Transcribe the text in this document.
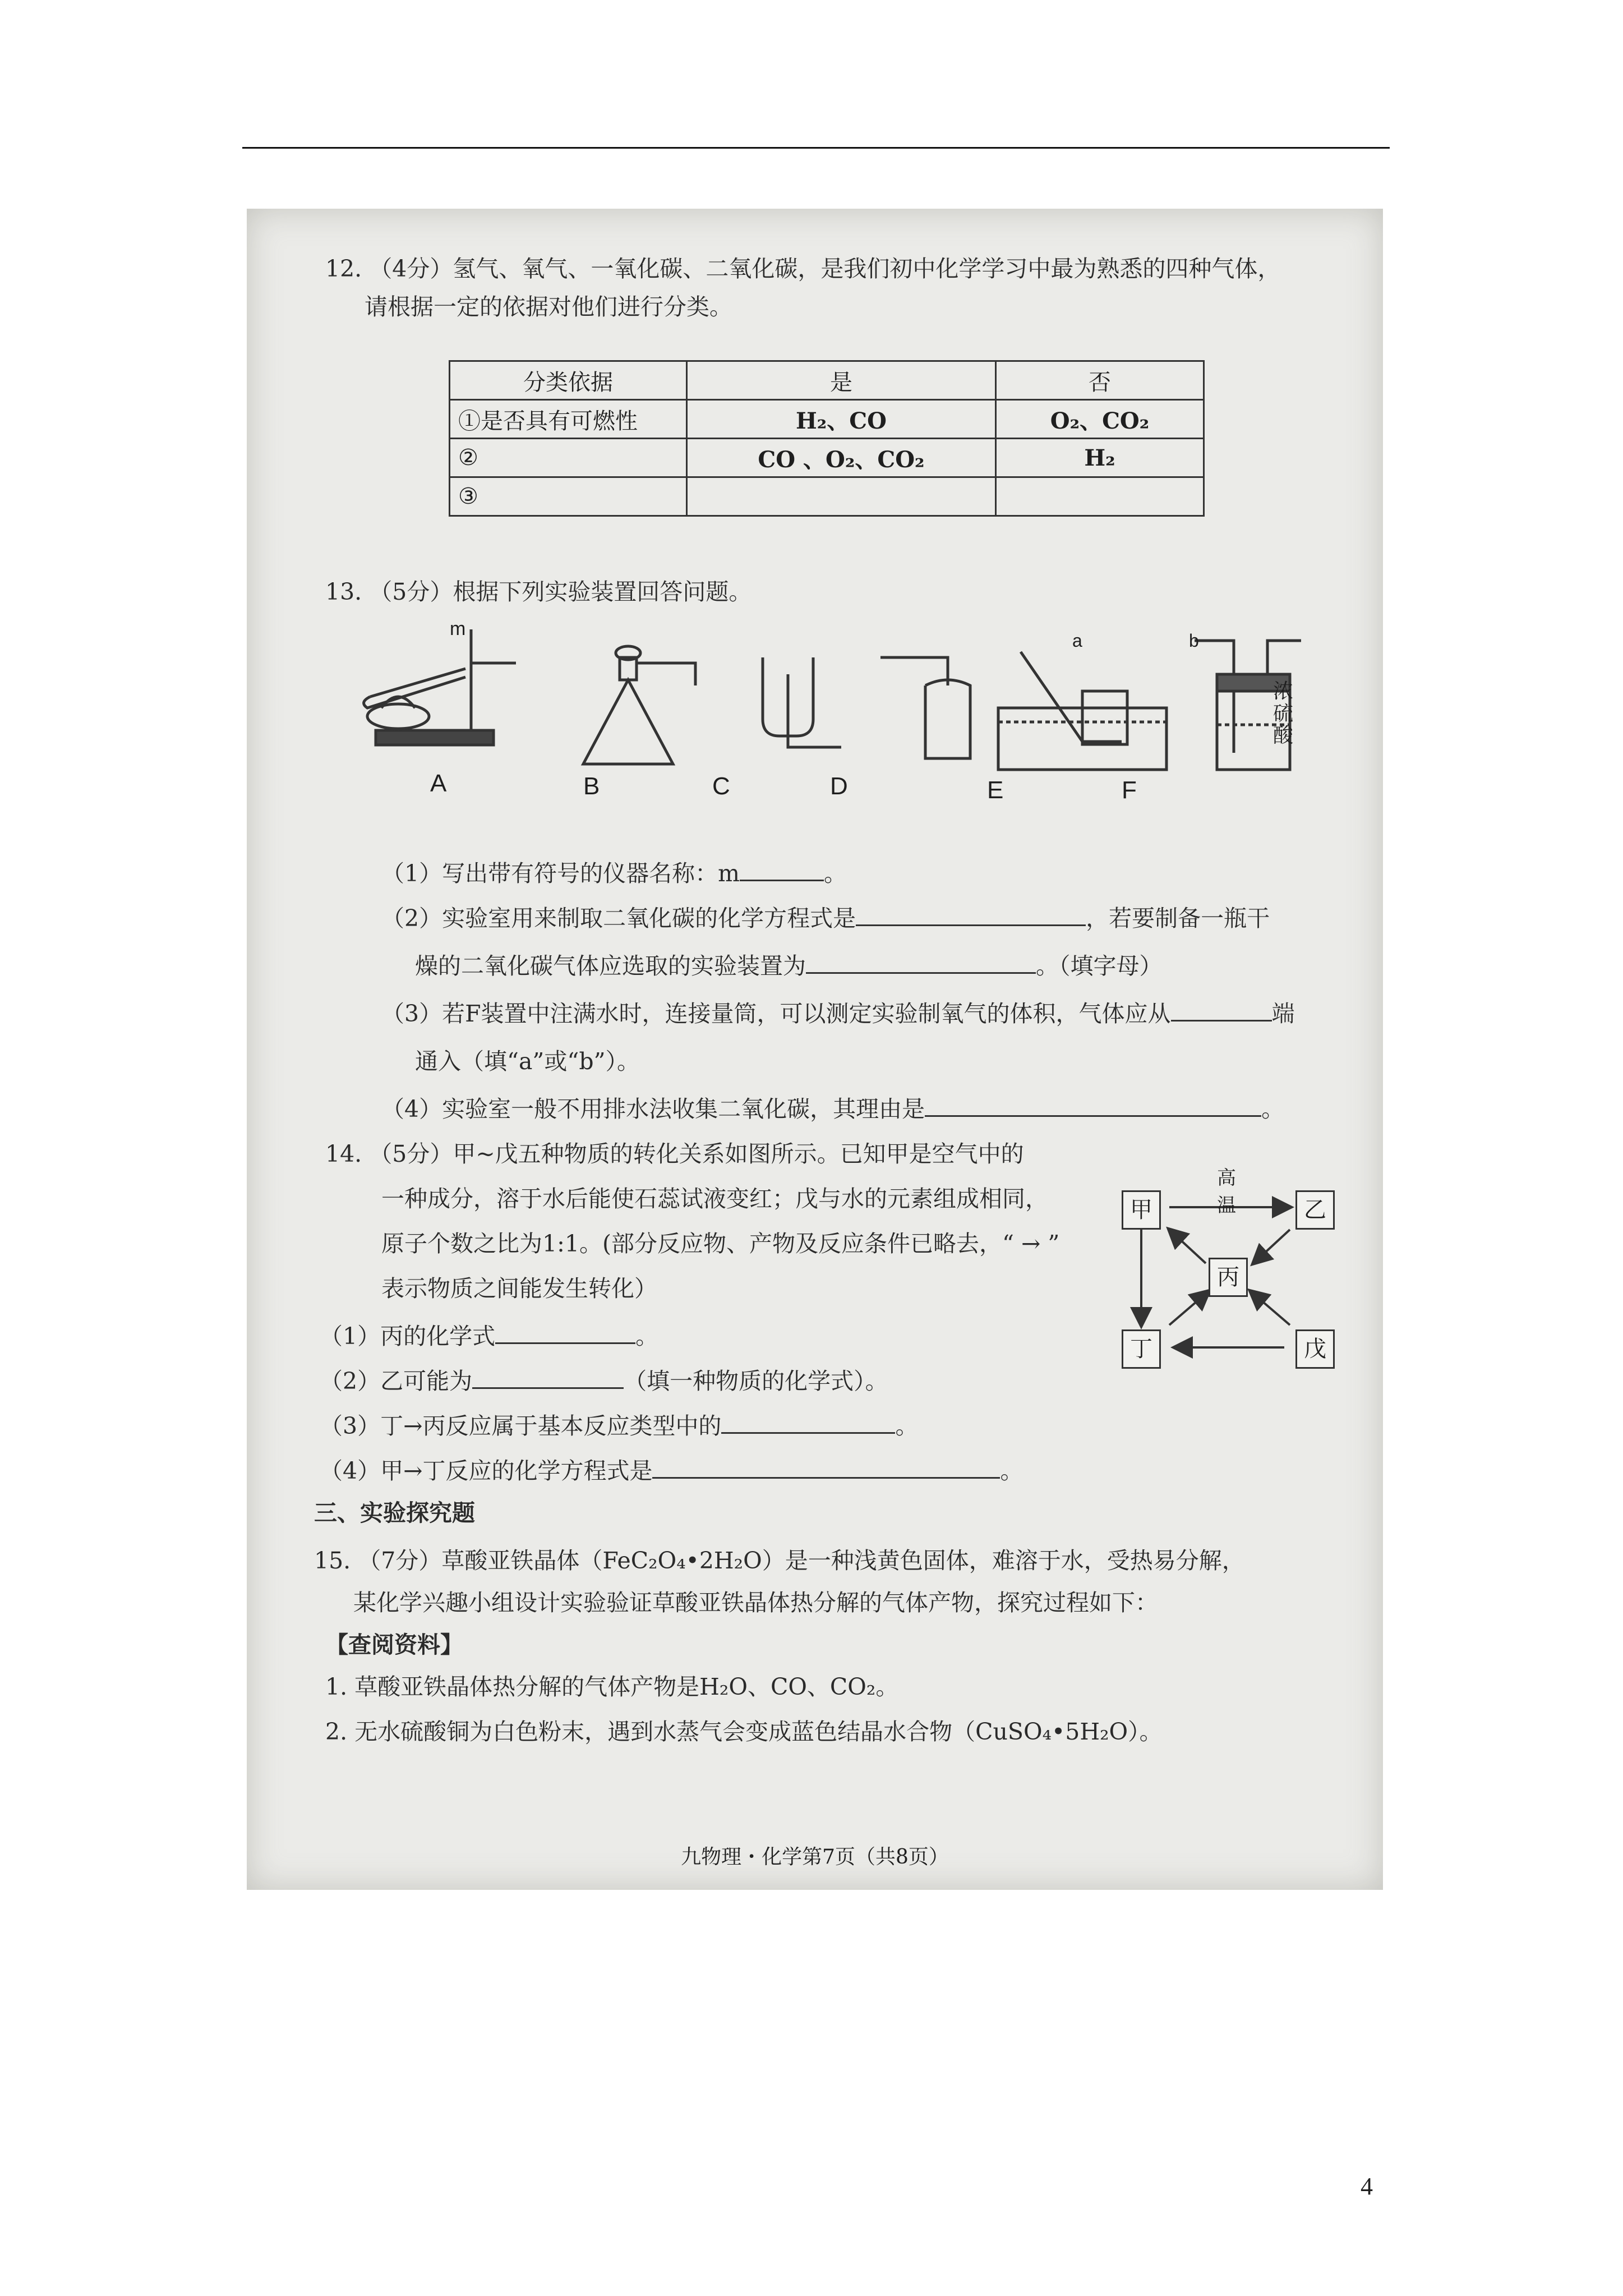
12. （4分）氢气、氧气、一氧化碳、二氧化碳，是我们初中化学学习中最为熟悉的四种气体，
请根据一定的依据对他们进行分类。
分类依据	是	否
①是否具有可燃性	H₂、CO	O₂、CO₂
②	CO 、O₂、CO₂	H₂
③		
13. （5分）根据下列实验装置回答问题。
m
a	b
浓硫酸
A	B	C	D	E	F
（1）写出带有符号的仪器名称：m	。
（2）实验室用来制取二氧化碳的化学方程式是	，若要制备一瓶干
燥的二氧化碳气体应选取的实验装置为	。（填字母）
（3）若F装置中注满水时，连接量筒，可以测定实验制氧气的体积，气体应从	端
通入（填“a”或“b”）。
（4）实验室一般不用排水法收集二氧化碳，其理由是	。
14. （5分）甲~戊五种物质的转化关系如图所示。已知甲是空气中的
一种成分，溶于水后能使石蕊试液变红；戊与水的元素组成相同，
原子个数之比为1:1。(部分反应物、产物及反应条件已略去，“ → ”
表示物质之间能发生转化）
甲	乙
丙
丁	戊
高温
（1）丙的化学式	。
（2）乙可能为	（填一种物质的化学式）。
（3）丁→丙反应属于基本反应类型中的	。
（4）甲→丁反应的化学方程式是	。
三、实验探究题
15. （7分）草酸亚铁晶体（FeC₂O₄•2H₂O）是一种浅黄色固体，难溶于水，受热易分解，
某化学兴趣小组设计实验验证草酸亚铁晶体热分解的气体产物，探究过程如下：
【查阅资料】
1. 草酸亚铁晶体热分解的气体产物是H₂O、CO、CO₂。
2. 无水硫酸铜为白色粉末，遇到水蒸气会变成蓝色结晶水合物（CuSO₄•5H₂O）。
九物理・化学第7页（共8页）
4
